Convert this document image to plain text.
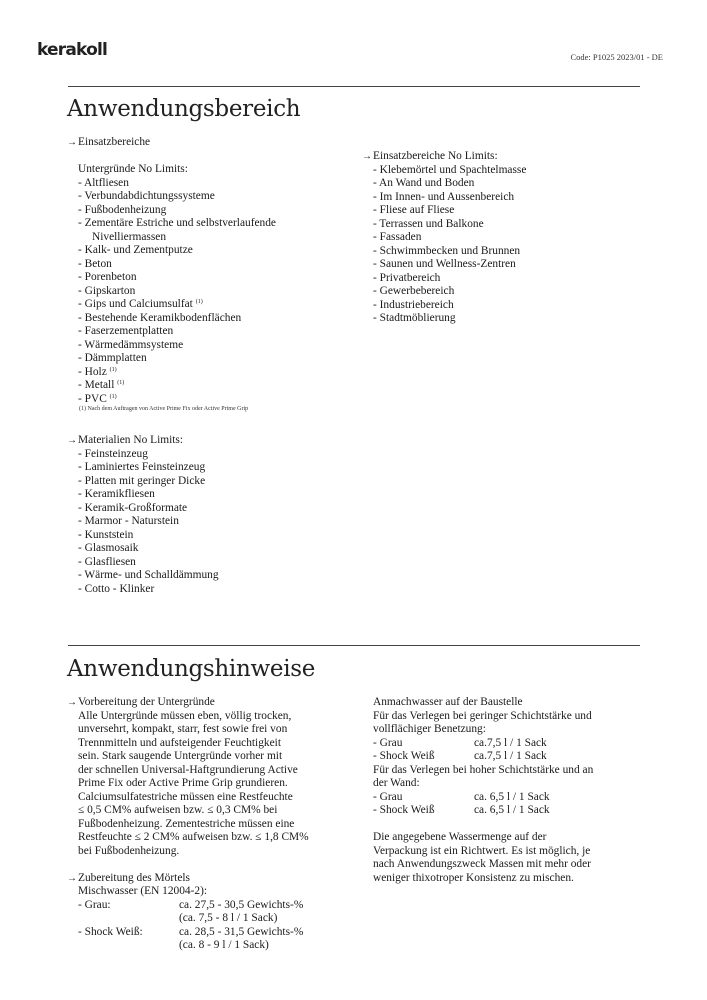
kerakoll	Code: P1025 2023/01 - DE
Anwendungsbereich
→Einsatzbereiche
Untergründe No Limits:
- Altfliesen
- Verbundabdichtungssysteme
- Fußbodenheizung
- Zementäre Estriche und selbstverlaufende
Nivelliermassen
- Kalk- und Zementputze
- Beton
- Porenbeton
- Gipskarton
- Gips und Calciumsulfat $^{(1)}$
- Bestehende Keramikbodenflächen
- Faserzementplatten
- Wärmedämmsysteme
- Dämmplatten
- Holz $^{(1)}$
- Metall $^{(1)}$
- PVC $^{(1)}$
(1) Nach dem Auftragen von Active Prime Fix oder Active Prime Grip
→Einsatzbereiche No Limits:
- Klebemörtel und Spachtelmasse
- An Wand und Boden
- Im Innen- und Aussenbereich
- Fliese auf Fliese
- Terrassen und Balkone
- Fassaden
- Schwimmbecken und Brunnen
- Saunen und Wellness-Zentren
- Privatbereich
- Gewerbebereich
- Industriebereich
- Stadtmöblierung
→Materialien No Limits:
- Feinsteinzeug
- Laminiertes Feinsteinzeug
- Platten mit geringer Dicke
- Keramikfliesen
- Keramik-Großformate
- Marmor - Naturstein
- Kunststein
- Glasmosaik
- Glasfliesen
- Wärme- und Schalldämmung
- Cotto - Klinker
Anwendungshinweise
→Vorbereitung der Untergründe
Alle Untergründe müssen eben, völlig trocken,
unversehrt, kompakt, starr, fest sowie frei von
Trennmitteln und aufsteigender Feuchtigkeit
sein. Stark saugende Untergründe vorher mit
der schnellen Universal-Haftgrundierung Active
Prime Fix oder Active Prime Grip grundieren.
Calciumsulfatestriche müssen eine Restfeuchte
≤ 0,5 CM% aufweisen bzw. ≤ 0,3 CM% bei
Fußbodenheizung. Zementestriche müssen eine
Restfeuchte ≤ 2 CM% aufweisen bzw. ≤ 1,8 CM%
bei Fußbodenheizung.
→Zubereitung des Mörtels
Mischwasser (EN 12004-2):
- Grau:	ca. 27,5 - 30,5 Gewichts-%
(ca. 7,5 - 8 l / 1 Sack)
- Shock Weiß:	ca. 28,5 - 31,5 Gewichts-%
(ca. 8 - 9 l / 1 Sack)
Anmachwasser auf der Baustelle
Für das Verlegen bei geringer Schichtstärke und
vollflächiger Benetzung:
- Grau	ca.7,5 l / 1 Sack
- Shock Weiß	ca.7,5 l / 1 Sack
Für das Verlegen bei hoher Schichtstärke und an
der Wand:
- Grau	ca. 6,5 l / 1 Sack
- Shock Weiß	ca. 6,5 l / 1 Sack
Die angegebene Wassermenge auf der
Verpackung ist ein Richtwert. Es ist möglich, je
nach Anwendungszweck Massen mit mehr oder
weniger thixotroper Konsistenz zu mischen.
